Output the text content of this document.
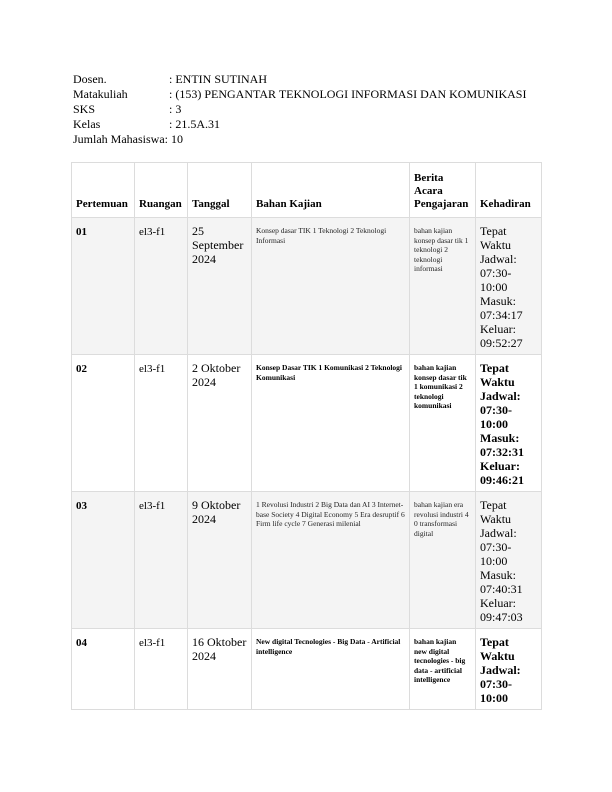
Dosen.	: ENTIN SUTINAH
Matakuliah	: (153) PENGANTAR TEKNOLOGI INFORMASI DAN KOMUNIKASI
SKS	: 3
Kelas	: 21.5A.31
Jumlah Mahasiswa : 10
Pertemuan	Ruangan	Tanggal	Bahan Kajian	Berita
Acara
Pengajaran	Kehadiran
01	el3-f1	25 September 2024	Konsep dasar TIK 1 Teknologi 2 Teknologi Informasi	bahan kajian konsep dasar tik 1 teknologi 2 teknologi informasi	Tepat Waktu
Jadwal: 07:30-10:00
Masuk: 07:34:17
Keluar: 09:52:27

02	el3-f1	2 Oktober 2024	Konsep Dasar TIK 1 Komunikasi 2 Teknologi Komunikasi	bahan kajian konsep dasar tik 1 komunikasi 2 teknologi komunikasi	Tepat Waktu
Jadwal: 07:30-10:00
Masuk: 07:32:31
Keluar: 09:46:21

03	el3-f1	9 Oktober 2024	1 Revolusi Industri 2 Big Data dan AI 3 Internet-base Society 4 Digital Economy 5 Era desruptif 6 Firm life cycle 7 Generasi milenial	bahan kajian era revolusi industri 4 0 transformasi digital	Tepat Waktu
Jadwal: 07:30-10:00
Masuk: 07:40:31
Keluar: 09:47:03

04	el3-f1	16 Oktober 2024	New digital Tecnologies - Big Data - Artificial intelligence	bahan kajian new digital tecnologies - big data - artificial intelligence	Tepat Waktu
Jadwal: 07:30-10:00
